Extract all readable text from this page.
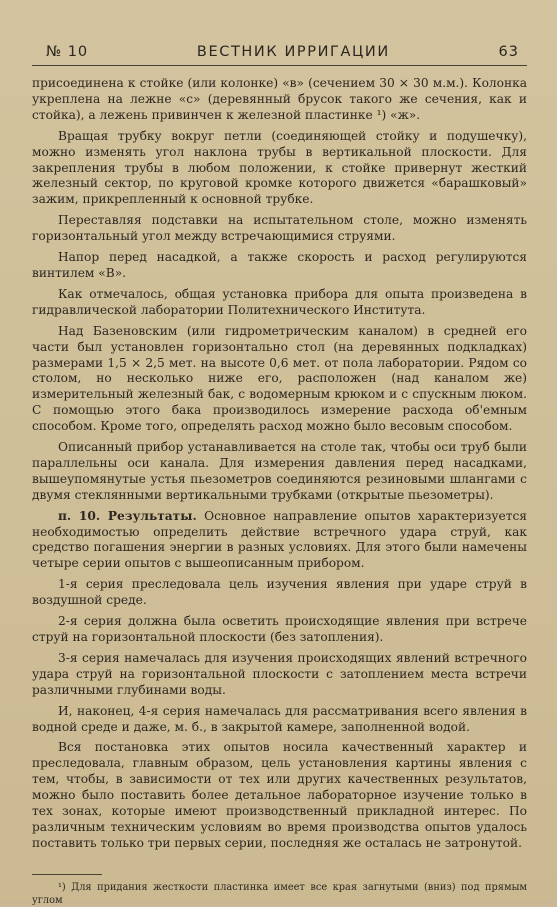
№ 10	ВЕСТНИК ИРРИГАЦИИ	63

присоединена к стойке (или колонке) «в» (сечением 30 × 30 м.м.). Колонка укреплена на лежне «с» (деревянный брусок такого же сечения, как и стойка), а лежень привинчен к железной пластинке ¹) «ж».

Вращая трубку вокруг петли (соединяющей стойку и подушечку), можно изменять угол наклона трубы в вертикальной плоскости. Для закрепления трубы в любом положении, к стойке привернут жесткий железный сектор, по круговой кромке которого движется «барашковый» зажим, прикрепленный к основной трубке.

Переставляя подставки на испытательном столе, можно изменять горизонтальный угол между встречающимися струями.

Напор перед насадкой, а также скорость и расход регулируются винтилем «В».

Как отмечалось, общая установка прибора для опыта произведена в гидравлической лаборатории Политехнического Института.

Над Базеновским (или гидрометрическим каналом) в средней его части был установлен горизонтально стол (на деревянных подкладках) размерами 1,5 × 2,5 мет. на высоте 0,6 мет. от пола лаборатории. Рядом со столом, но несколько ниже его, расположен (над каналом же) измерительный железный бак, с водомерным крюком и с спускным люком. С помощью этого бака производилось измерение расхода об'емным способом. Кроме того, определять расход можно было весовым способом.

Описанный прибор устанавливается на столе так, чтобы оси труб были параллельны оси канала. Для измерения давления перед насадками, вышеупомянутые устья пьезометров соединяются резиновыми шлангами с двумя стеклянными вертикальными трубками (открытые пьезометры).

п. 10. Результаты. Основное направление опытов характеризуется необходимостью определить действие встречного удара струй, как средство погашения энергии в разных условиях. Для этого были намечены четыре серии опытов с вышеописанным прибором.

1-я серия преследовала цель изучения явления при ударе струй в воздушной среде.

2-я серия должна была осветить происходящие явления при встрече струй на горизонтальной плоскости (без затопления).

3-я серия намечалась для изучения происходящих явлений встречного удара струй на горизонтальной плоскости с затоплением места встречи различными глубинами воды.

И, наконец, 4-я серия намечалась для рассматривания всего явления в водной среде и даже, м. б., в закрытой камере, заполненной водой.

Вся постановка этих опытов носила качественный характер и преследовала, главным образом, цель установления картины явления с тем, чтобы, в зависимости от тех или других качественных результатов, можно было поставить более детальное лабораторное изучение только в тех зонах, которые имеют производственный прикладной интерес. По различным техническим условиям во время производства опытов удалось поставить только три первых серии, последняя же осталась не затронутой.

¹) Для придания жесткости пластинка имеет все края загнутыми (вниз) под прямым углом
